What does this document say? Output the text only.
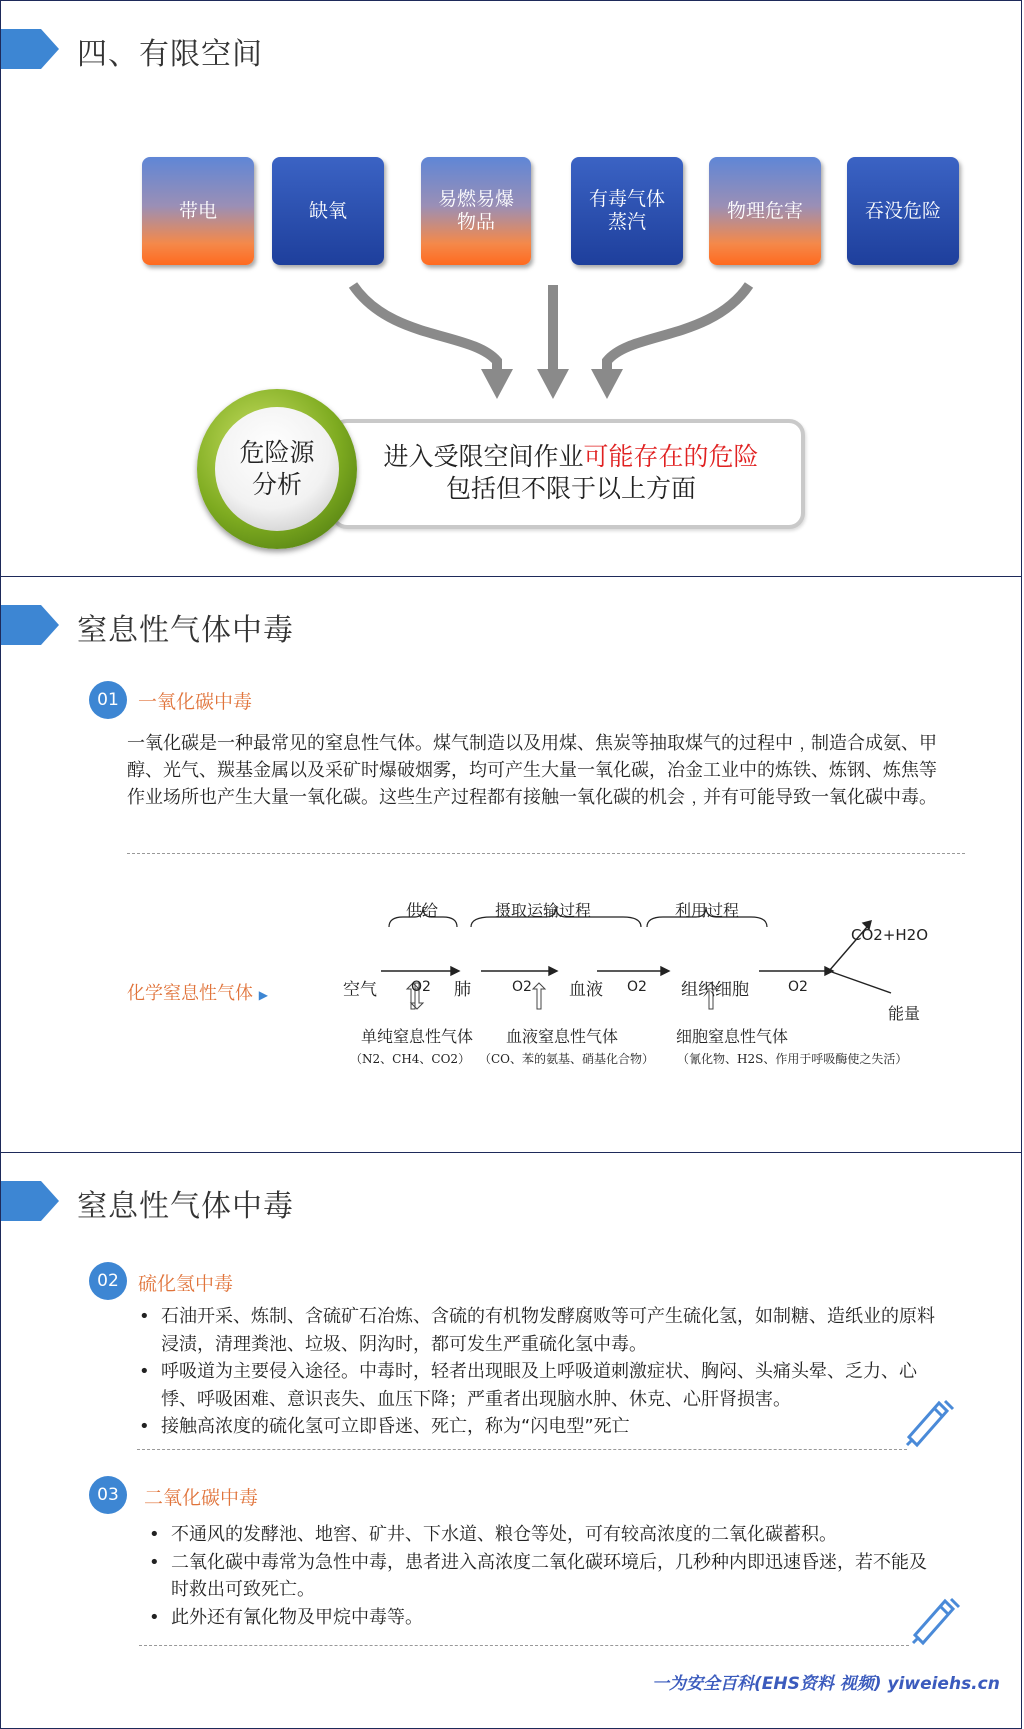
四、有限空间
带电	缺氧
易燃易爆物品
有毒气体蒸汽
物理危害	吞没危险
进入受限空间作业可能存在的危险
包括但不限于以上方面
危险源分析
窒息性气体中毒
01	一氧化碳中毒
一氧化碳是一种最常见的窒息性气体。煤气制造以及用煤、焦炭等抽取煤气的过程中﹐制造合成氨、甲醇、光气、羰基金属以及采矿时爆破烟雾，均可产生大量一氧化碳，冶金工业中的炼铁、炼钢、炼焦等作业场所也产生大量一氧化碳。这些生产过程都有接触一氧化碳的机会﹐并有可能导致一氧化碳中毒。
化学窒息性气体 ▶
供给	摄取运输过程	利用过程
空气 O2 肺	O2 血液 O2 组织细胞	O2
CO2+H2O
能量
单纯窒息性气体 血液窒息性气体	细胞窒息性气体
（N2、CH4、CO2） （CO、苯的氨基、硝基化合物） （氰化物、H2S、作用于呼吸酶使之失活）
窒息性气体中毒
02	硫化氢中毒
• 石油开采、炼制、含硫矿石冶炼、含硫的有机物发酵腐败等可产生硫化氢，如制糖、造纸业的原料浸渍，清理粪池、垃圾、阴沟时，都可发生严重硫化氢中毒。
• 呼吸道为主要侵入途径。中毒时，轻者出现眼及上呼吸道刺激症状、胸闷、头痛头晕、乏力、心悸、呼吸困难、意识丧失、血压下降；严重者出现脑水肿、休克、心肝肾损害。
• 接触高浓度的硫化氢可立即昏迷、死亡，称为“闪电型”死亡
03	二氧化碳中毒
• 不通风的发酵池、地窖、矿井、下水道、粮仓等处，可有较高浓度的二氧化碳蓄积。
• 二氧化碳中毒常为急性中毒，患者进入高浓度二氧化碳环境后，几秒种内即迅速昏迷，若不能及时救出可致死亡。
• 此外还有氰化物及甲烷中毒等。
一为安全百科(EHS资料 视频) yiweiehs.cn
